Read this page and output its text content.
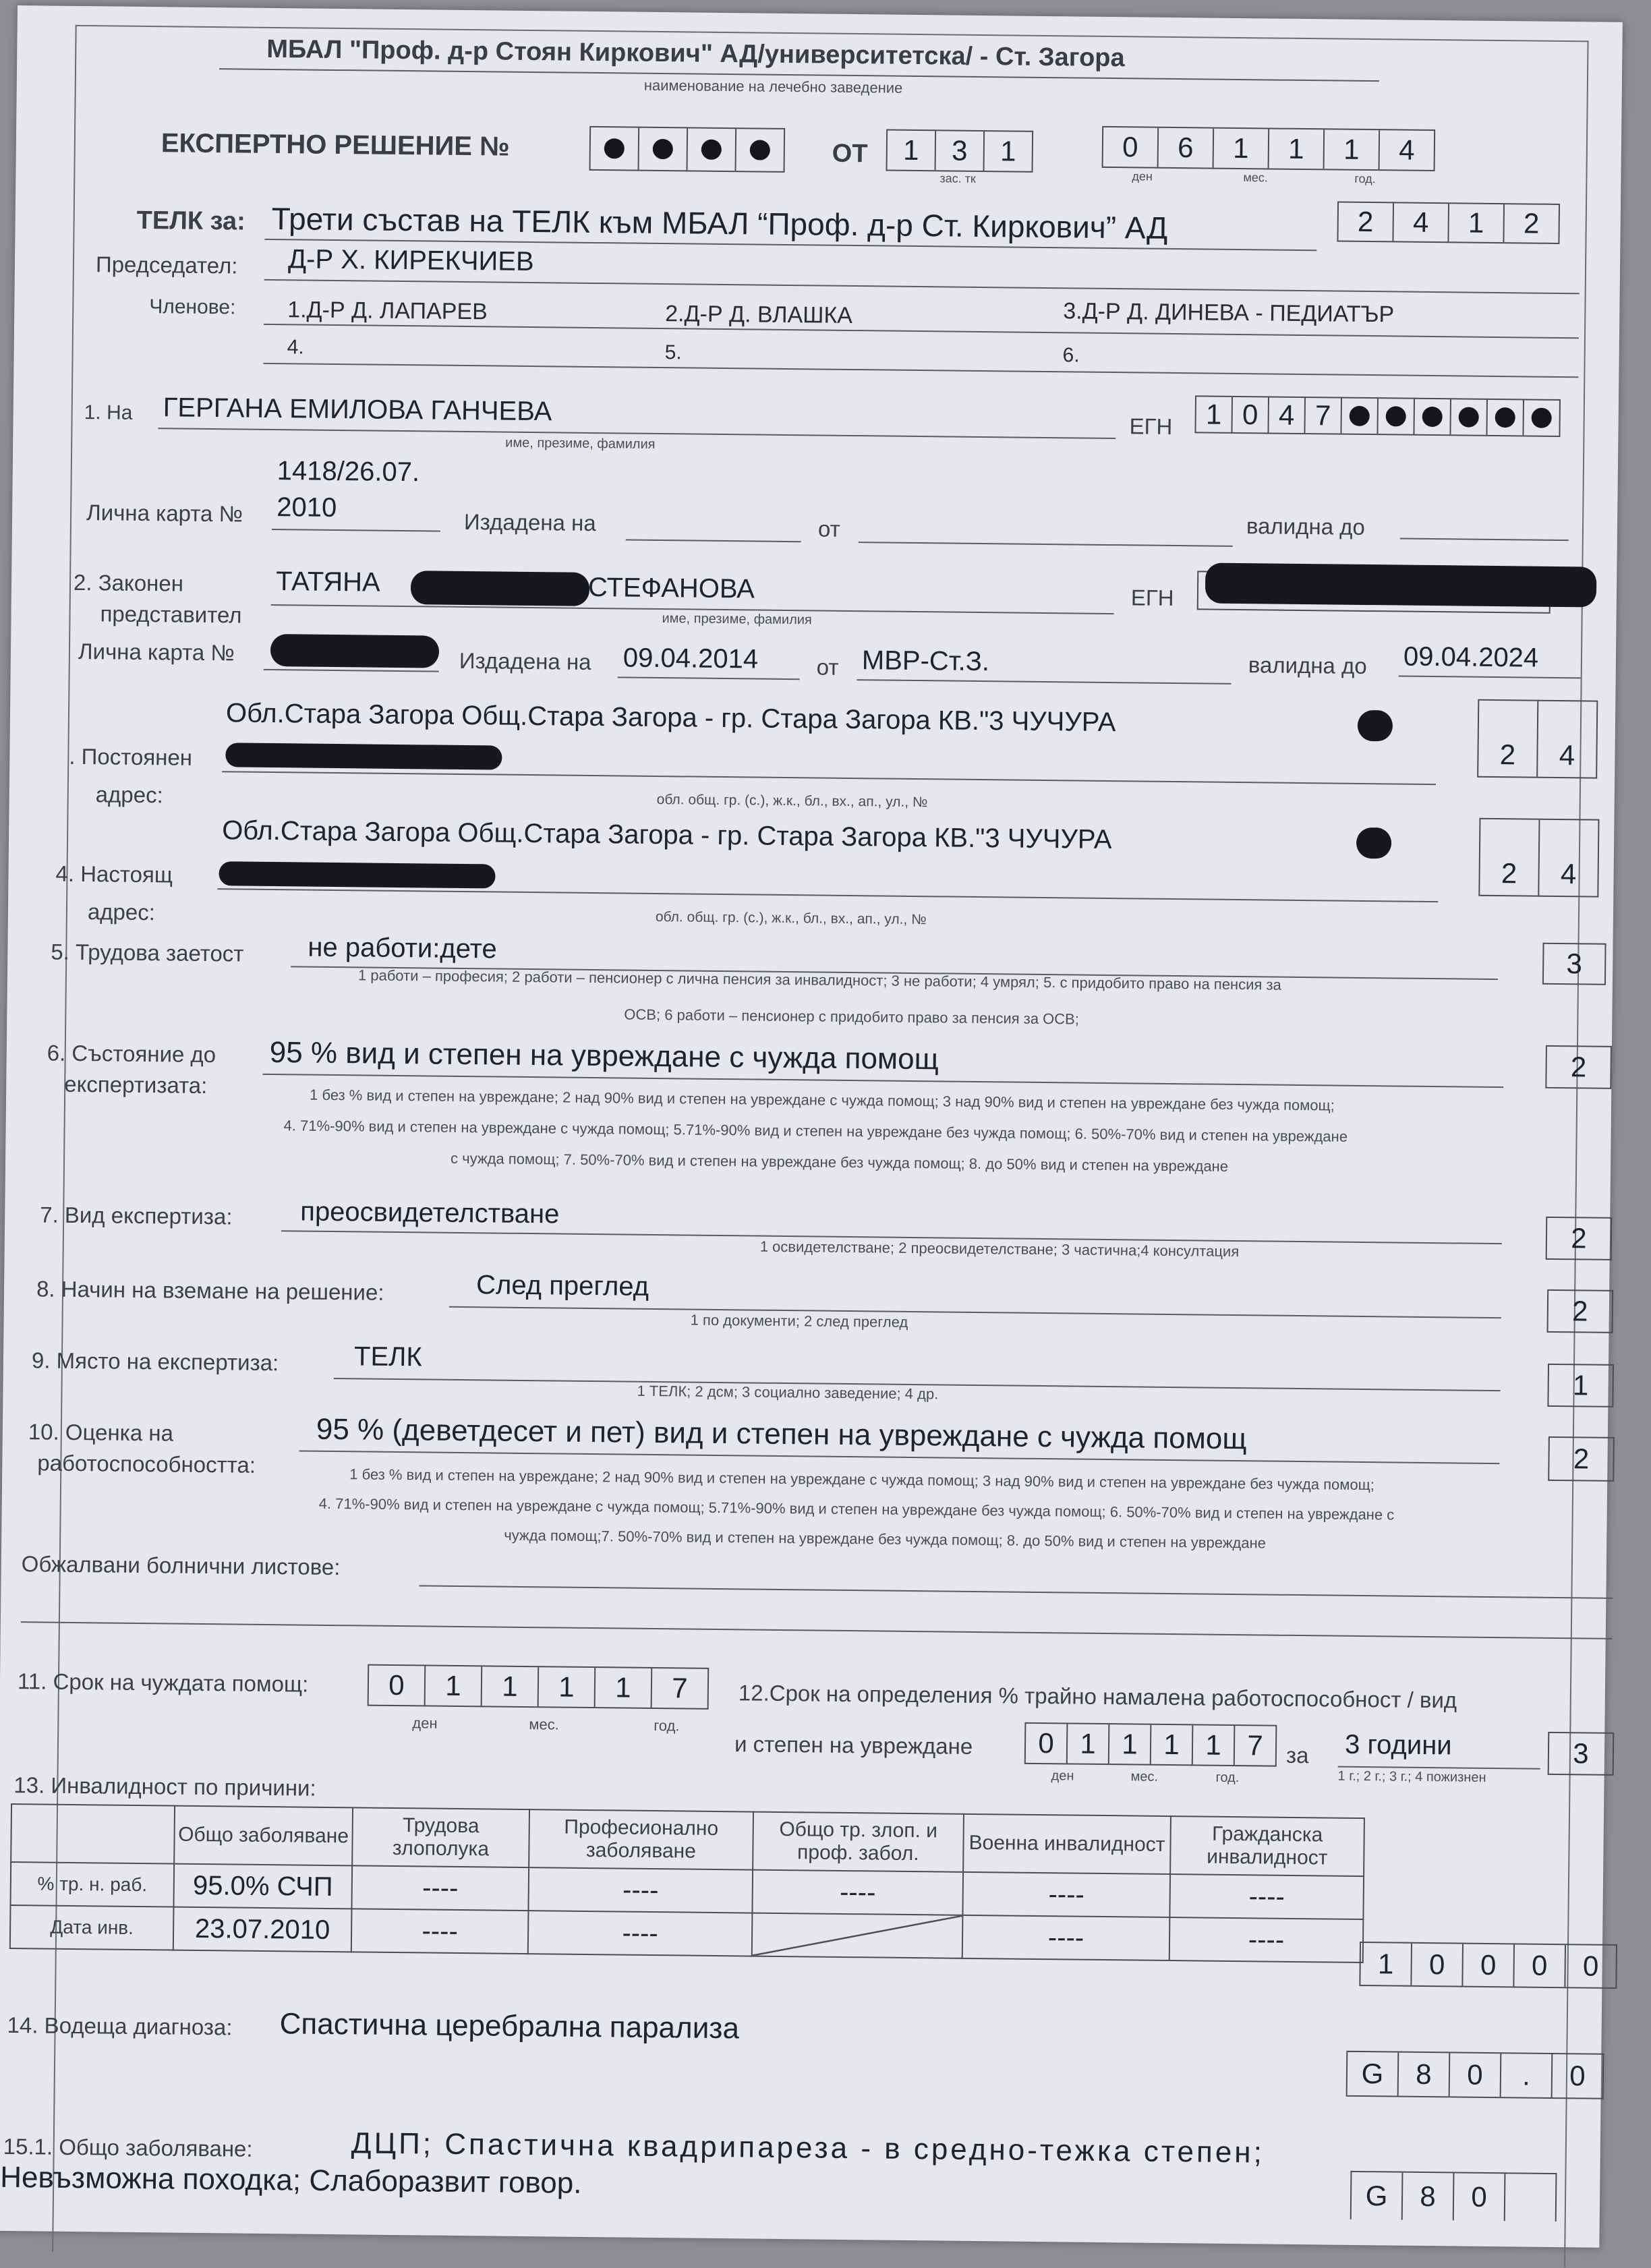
МБАЛ "Проф. д-р Стоян Киркович" АД/университетска/ - Ст. Загора
наименование на лечебно заведение
ЕКСПЕРТНО РЕШЕНИЕ №	ОТ	1	3	1
зас. тк
0	6	1	1	1	4
ден	мес.	год.
ТЕЛК за: Трети състав на ТЕЛК към МБАЛ “Проф. д-р Ст. Киркович” АД	2	4	1	2
Председател: Д-Р Х. КИРЕКЧИЕВ
Членове: 1.Д-Р Д. ЛАПАРЕВ	2.Д-Р Д. ВЛАШКА	3.Д-Р Д. ДИНЕВА - ПЕДИАТЪР
4.	5.	6.
1. На ГЕРГАНА ЕМИЛОВА ГАНЧЕВА
име, презиме, фамилия
ЕГН	1 0 4 7
1418/26.07.
Лична карта № 2010	Издадена на	от	валидна до
2. Законен
представител
ТАТЯНА	СТЕФАНОВА
име, презиме, фамилия
ЕГН
Лична карта №	Издадена на 09.04.2014	от МВР-Ст.З.	валидна до 09.04.2024
Обл.Стара Загора Общ.Стара Загора - гр. Стара Загора КВ."3 ЧУЧУРА
. Постоянен
адрес:	обл. общ. гр. (с.), ж.к., бл., вх., ап., ул., №
2	4
Обл.Стара Загора Общ.Стара Загора - гр. Стара Загора КВ."3 ЧУЧУРА
4. Настоящ
адрес:	обл. общ. гр. (с.), ж.к., бл., вх., ап., ул., №
2	4
5. Трудова заетост не работи:дете
1 работи – професия; 2 работи – пенсионер с лична пенсия за инвалидност; 3 не работи; 4 умрял; 5. с придобито право на пенсия за
ОСВ; 6 работи – пенсионер с придобито право за пенсия за ОСВ;
3
6. Състояние до
експертизата:
95 % вид и степен на увреждане с чужда помощ
1 без % вид и степен на увреждане; 2 над 90% вид и степен на увреждане с чужда помощ; 3 над 90% вид и степен на увреждане без чужда помощ;
4. 71%-90% вид и степен на увреждане с чужда помощ; 5.71%-90% вид и степен на увреждане без чужда помощ; 6. 50%-70% вид и степен на увреждане
с чужда помощ; 7. 50%-70% вид и степен на увреждане без чужда помощ; 8. до 50% вид и степен на увреждане
2
7. Вид експертиза:	преосвидетелстване
1 освидетелстване; 2 преосвидетелстване; 3 частична;4 консултация	2
8. Начин на вземане на решение:	След преглед
1 по документи; 2 след преглед	2
9. Място на експертиза:	ТЕЛК
1 ТЕЛК; 2 дсм; 3 социално заведение; 4 др.	1
10. Оценка на
работоспособността:
95 % (деветдесет и пет) вид и степен на увреждане с чужда помощ
1 без % вид и степен на увреждане; 2 над 90% вид и степен на увреждане с чужда помощ; 3 над 90% вид и степен на увреждане без чужда помощ;
4. 71%-90% вид и степен на увреждане с чужда помощ; 5.71%-90% вид и степен на увреждане без чужда помощ; 6. 50%-70% вид и степен на увреждане с
чужда помощ;7. 50%-70% вид и степен на увреждане без чужда помощ; 8. до 50% вид и степен на увреждане
2
Обжалвани болнични листове:
11. Срок на чуждата помощ:	0	1	1	1	1	7
ден	мес.	год.
12.Срок на определения % трайно намалена работоспособност / вид
и степен на увреждане	0 1 1 1 1 7
ден	мес.	год.
за 3 години
1 г.; 2 г.; 3 г.; 4 пожизнен
3
13. Инвалидност по причини:
	Общо заболяване	Трудова злополука	Професионално заболяване	Общо тр. злоп. и проф. забол.	Военна инвалидност	Гражданска инвалидност
% тр. н. раб.	95.0% СЧП	----	----	----	----	----
Дата инв.	23.07.2010	----	----		----	----
1	0	0	0	0
14. Водеща диагноза: Спастична церебрална парализа
G	8	0	.	0
15.1. Общо заболяване:	ДЦП; Спастична квадрипареза - в средно-тежка степен;
Невъзможна походка; Слаборазвит говор.	G	8	0
